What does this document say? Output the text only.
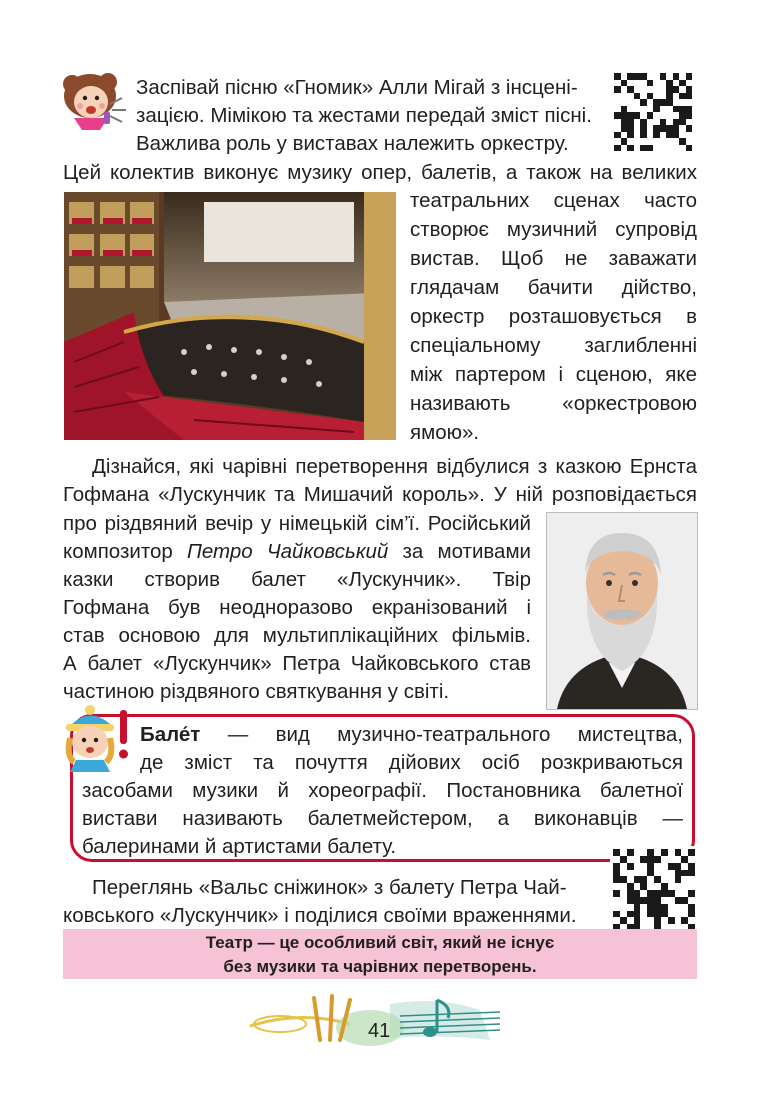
Заспівай пісню «Гномик» Алли Мігай з інсцені-

зацією. Мімікою та жестами передай зміст пісні.

Важлива роль у виставах належить оркестру.

Цей колектив виконує музику опер, балетів, а також на великих

театральних сценах часто

створює музичний супровід

вистав. Щоб не заважати

глядачам бачити дійство,

оркестр розташовується в

спеціальному заглибленні

між партером і сценою, яке

називають «оркестровою

ямою».

Дізнайся, які чарівні перетворення відбулися з казкою Ернста

Гофмана «Лускунчик та Мишачий король». У ній розповідається

про різдвяний вечір у німецькій сім’ї. Російський

композитор Петро Чайковський за мотивами

казки створив балет «Лускунчик». Твір

Гофмана був неодноразово екранізований і

став основою для мультиплікаційних фільмів.

А балет «Лускунчик» Петра Чайковського став

частиною різдвяного святкування у світі.

Бале́т — вид музично-театрального мистецтва,

де зміст та почуття дійових осіб розкриваються

засобами музики й хореографії. Постановника балетної

вистави називають балетмейстером, а виконавців —

балеринами й артистами балету.

Переглянь «Вальс сніжинок» з балету Петра Чай-

ковського «Лускунчик» і поділися своїми враженнями.

Театр — це особливий світ, який не існує

без музики та чарівних перетворень.

41
